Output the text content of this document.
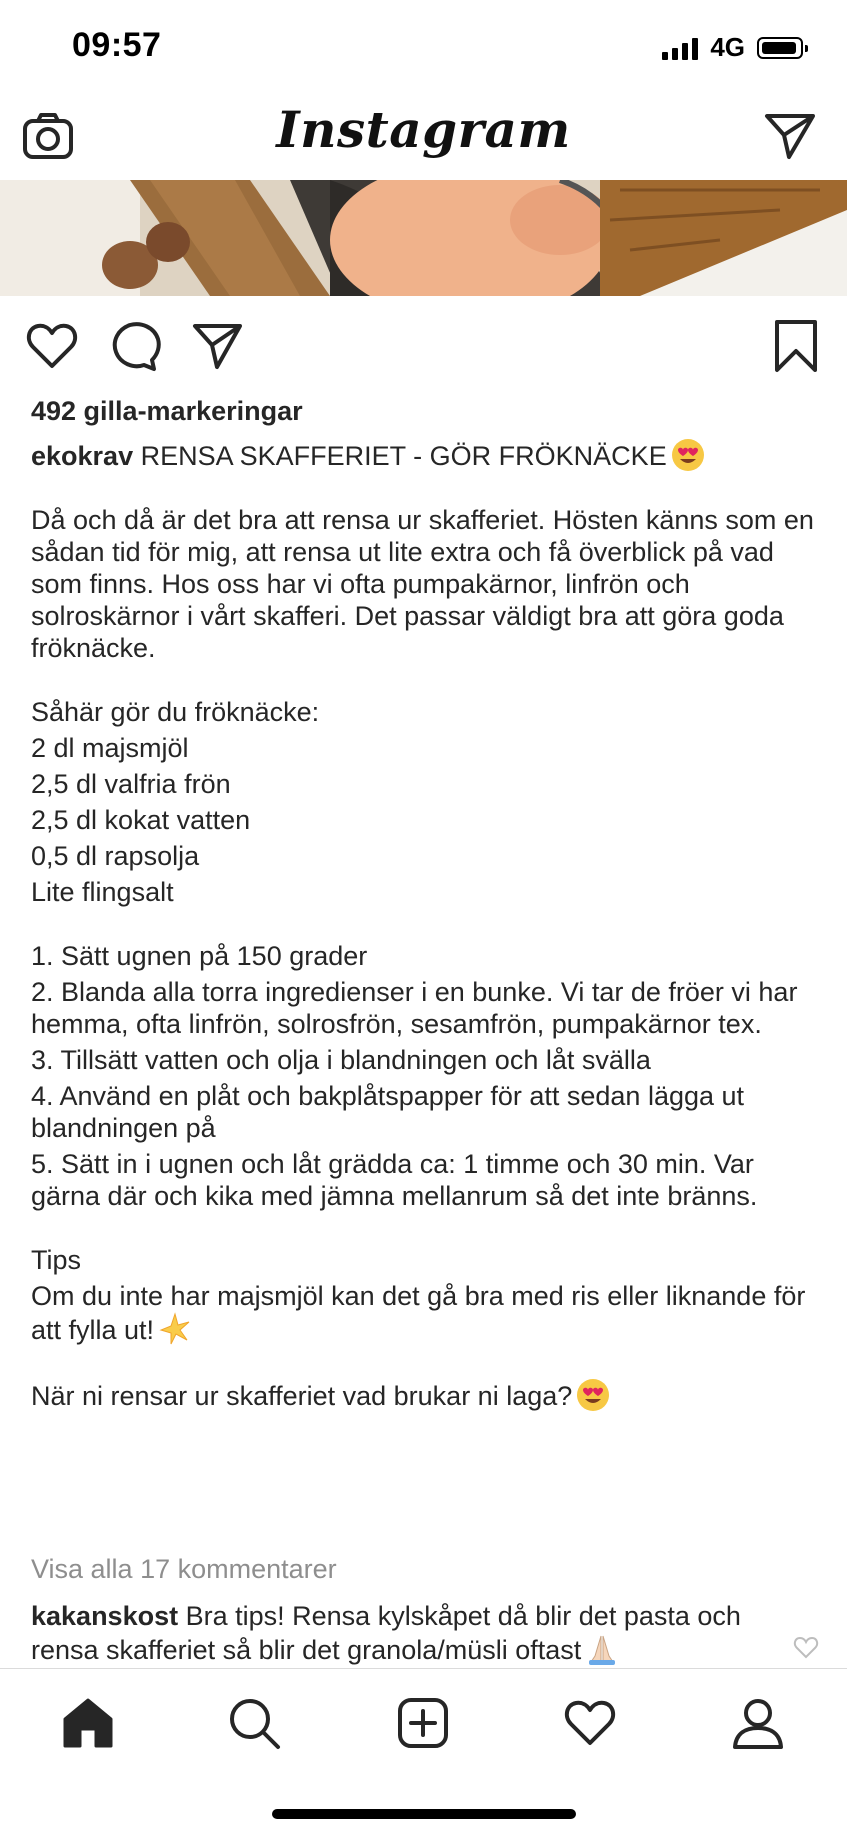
09:57	4G
Instagram
492 gilla-markeringar

ekokrav RENSA SKAFFERIET - GÖR FRÖKNÄCKE

Då och då är det bra att rensa ur skafferiet. Hösten känns som en sådan tid för mig, att rensa ut lite extra och få överblick på vad som finns. Hos oss har vi ofta pumpakärnor, linfrön och solroskärnor i vårt skafferi. Det passar väldigt bra att göra goda fröknäcke.

Såhär gör du fröknäcke:

2 dl majsmjöl

2,5 dl valfria frön

2,5 dl kokat vatten

0,5 dl rapsolja

Lite flingsalt

1. Sätt ugnen på 150 grader

2. Blanda alla torra ingredienser i en bunke. Vi tar de fröer vi har hemma, ofta linfrön, solrosfrön, sesamfrön, pumpakärnor tex.

3. Tillsätt vatten och olja i blandningen och låt svälla

4. Använd en plåt och bakplåtspapper för att sedan lägga ut blandningen på

5. Sätt in i ugnen och låt grädda ca: 1 timme och 30 min. Var gärna där och kika med jämna mellanrum så det inte bränns.

Tips

Om du inte har majsmjöl kan det gå bra med ris eller liknande för att fylla ut!

När ni rensar ur skafferiet vad brukar ni laga?

Visa alla 17 kommentarer
kakanskost Bra tips! Rensa kylskåpet då blir det pasta och rensa skafferiet så blir det granola/müsli oftast
